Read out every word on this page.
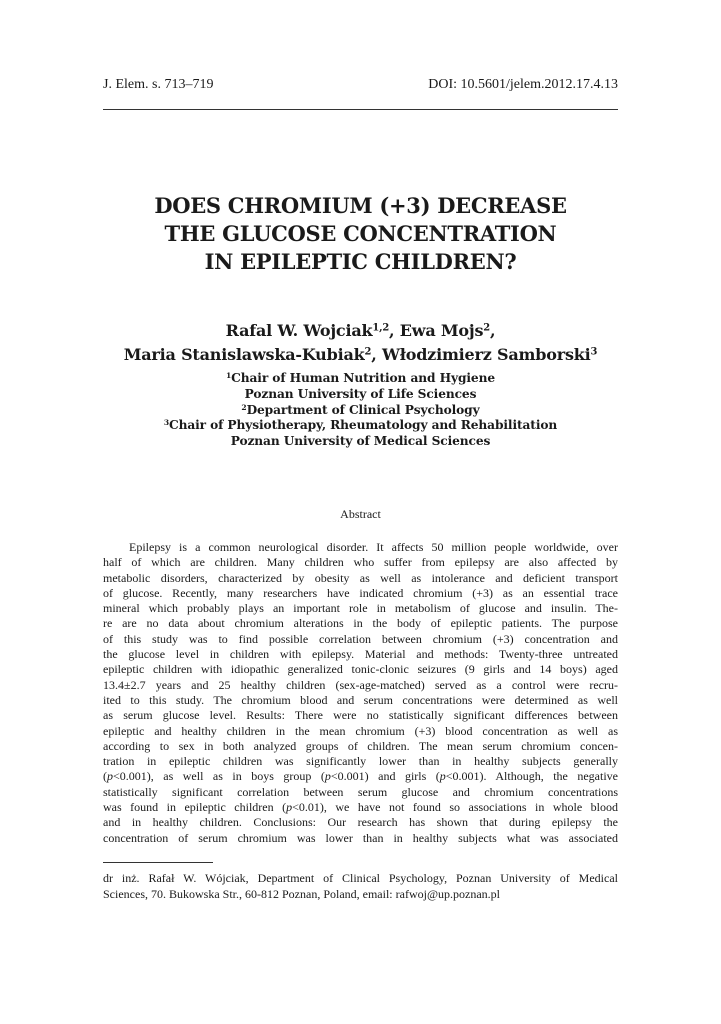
J. Elem. s. 713–719	DOI: 10.5601/jelem.2012.17.4.13
DOES CHROMIUM (+3) DECREASE
THE GLUCOSE CONCENTRATION
IN EPILEPTIC CHILDREN?
Rafal W. Wojciak$^{1,2}$, Ewa Mojs$^2$,
Maria Stanislawska-Kubiak$^2$, Włodzimierz Samborski$^3$
$^1$Chair of Human Nutrition and Hygiene
Poznan University of Life Sciences
$^2$Department of Clinical Psychology
$^3$Chair of Physiotherapy, Rheumatology and Rehabilitation
Poznan University of Medical Sciences
Abstract
Epilepsy is a common neurological disorder. It affects 50 million people worldwide, over
half of which are children. Many children who suffer from epilepsy are also affected by
metabolic disorders, characterized by obesity as well as intolerance and deficient transport
of glucose. Recently, many researchers have indicated chromium (+3) as an essential trace
mineral which probably plays an important role in metabolism of glucose and insulin. The-
re are no data about chromium alterations in the body of epileptic patients. The purpose
of this study was to find possible correlation between chromium (+3) concentration and
the glucose level in children with epilepsy. Material and methods: Twenty-three untreated
epileptic children with idiopathic generalized tonic-clonic seizures (9 girls and 14 boys) aged
13.4±2.7 years and 25 healthy children (sex-age-matched) served as a control were recru-
ited to this study. The chromium blood and serum concentrations were determined as well
as serum glucose level. Results: There were no statistically significant differences between
epileptic and healthy children in the mean chromium (+3) blood concentration as well as
according to sex in both analyzed groups of children. The mean serum chromium concen-
tration in epileptic children was significantly lower than in healthy subjects generally
(p<0.001), as well as in boys group (p<0.001) and girls (p<0.001). Although, the negative
statistically significant correlation between serum glucose and chromium concentrations
was found in epileptic children (p<0.01), we have not found so associations in whole blood
and in healthy children. Conclusions: Our research has shown that during epilepsy the
concentration of serum chromium was lower than in healthy subjects what was associated
dr inż. Rafał W. Wójciak, Department of Clinical Psychology, Poznan University of Medical
Sciences, 70. Bukowska Str., 60-812 Poznan, Poland, email: rafwoj@up.poznan.pl
